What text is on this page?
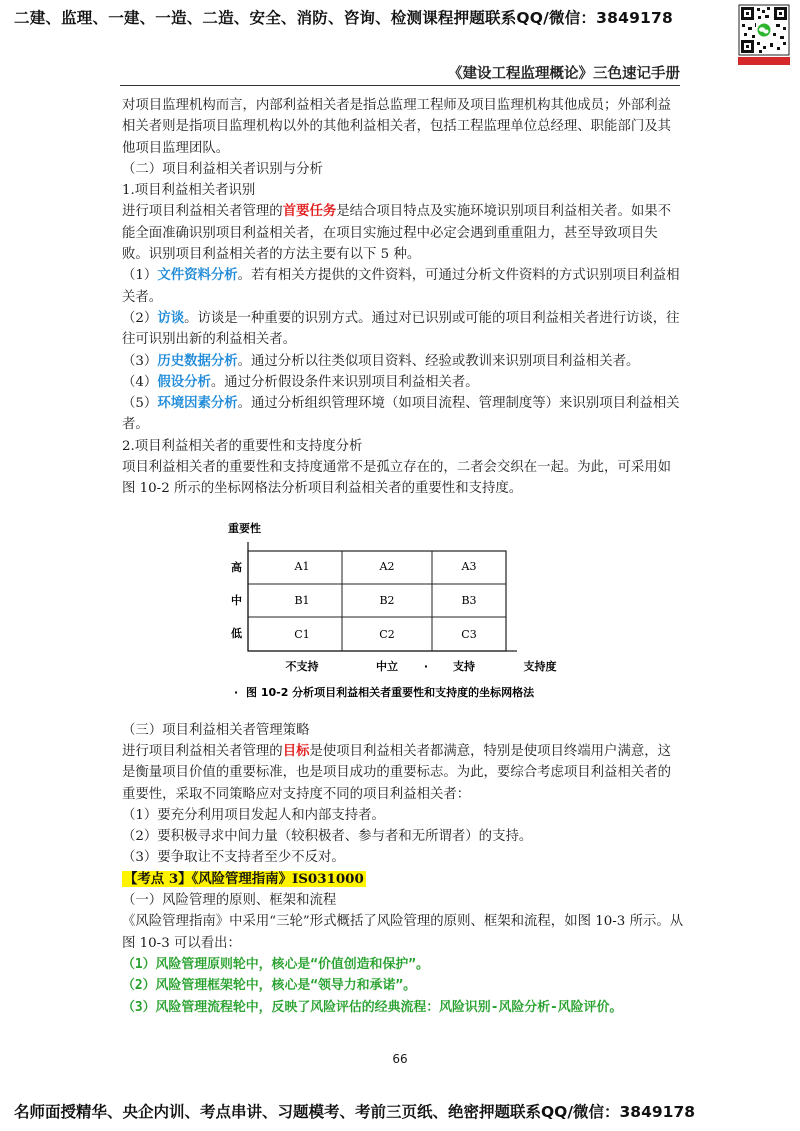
二建、监理、一建、一造、二造、安全、消防、咨询、检测课程押题联系QQ/微信：3849178
《建设工程监理概论》三色速记手册

对项目监理机构而言，内部利益相关者是指总监理工程师及项目监理机构其他成员；外部利益相关者则是指项目监理机构以外的其他利益相关者，包括工程监理单位总经理、职能部门及其他项目监理团队。

（二）项目利益相关者识别与分析

1.项目利益相关者识别

进行项目利益相关者管理的首要任务是结合项目特点及实施环境识别项目利益相关者。如果不能全面准确识别项目利益相关者，在项目实施过程中必定会遇到重重阻力，甚至导致项目失败。识别项目利益相关者的方法主要有以下 5 种。

（1）文件资料分析。若有相关方提供的文件资料，可通过分析文件资料的方式识别项目利益相关者。

（2）访谈。访谈是一种重要的识别方式。通过对已识别或可能的项目利益相关者进行访谈，往往可识别出新的利益相关者。

（3）历史数据分析。通过分析以往类似项目资料、经验或教训来识别项目利益相关者。

（4）假设分析。通过分析假设条件来识别项目利益相关者。

（5）环境因素分析。通过分析组织管理环境（如项目流程、管理制度等）来识别项目利益相关者。

2.项目利益相关者的重要性和支持度分析

项目利益相关者的重要性和支持度通常不是孤立存在的，二者会交织在一起。为此，可采用如图 10-2 所示的坐标网格法分析项目利益相关者的重要性和支持度。

重要性
高
中
低
A1	A2	A3
B1	B2	B3
C1	C2	C3
不支持	中立 · 支持	支持度
· 图 10-2 分析项目利益相关者重要性和支持度的坐标网格法

（三）项目利益相关者管理策略

进行项目利益相关者管理的目标是使项目利益相关者都满意，特别是使项目终端用户满意，这是衡量项目价值的重要标准，也是项目成功的重要标志。为此，要综合考虑项目利益相关者的重要性，采取不同策略应对支持度不同的项目利益相关者：

（1）要充分利用项目发起人和内部支持者。

（2）要积极寻求中间力量（较积极者、参与者和无所谓者）的支持。

（3）要争取让不支持者至少不反对。

【考点 3】《风险管理指南》IS031000

（一）风险管理的原则、框架和流程

《风险管理指南》中采用“三轮”形式概括了风险管理的原则、框架和流程，如图 10-3 所示。从图 10-3 可以看出：

（1）风险管理原则轮中，核心是“价值创造和保护”。

（2）风险管理框架轮中，核心是“领导力和承诺”。

（3）风险管理流程轮中，反映了风险评估的经典流程：风险识别-风险分析-风险评价。

66
名师面授精华、央企内训、考点串讲、习题模考、考前三页纸、绝密押题联系QQ/微信：3849178
